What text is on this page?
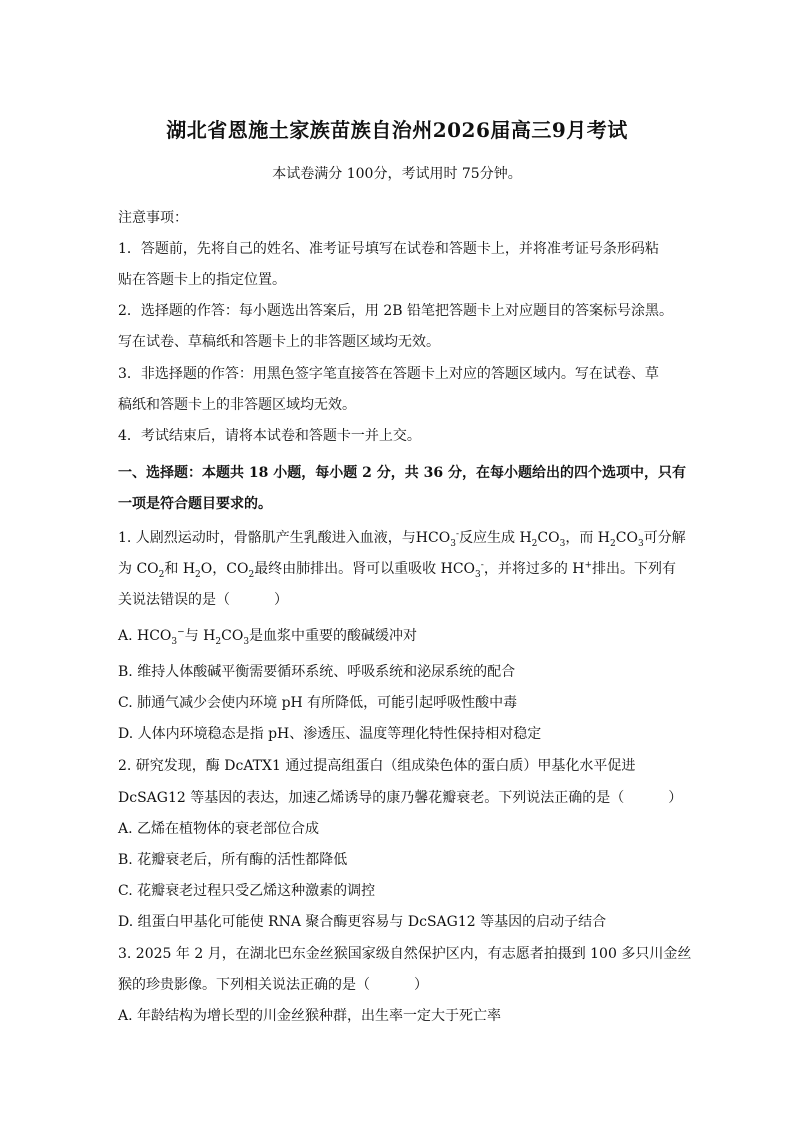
湖北省恩施土家族苗族自治州2026届高三9月考试
本试卷满分 100分，考试用时 75分钟。
注意事项：
1．答题前，先将自己的姓名、准考证号填写在试卷和答题卡上，并将准考证号条形码粘
贴在答题卡上的指定位置。
2．选择题的作答：每小题选出答案后，用 2B 铅笔把答题卡上对应题目的答案标号涂黑。
写在试卷、草稿纸和答题卡上的非答题区域均无效。
3．非选择题的作答：用黑色签字笔直接答在答题卡上对应的答题区域内。写在试卷、草
稿纸和答题卡上的非答题区域均无效。
4．考试结束后，请将本试卷和答题卡一并上交。
一、选择题：本题共 18 小题，每小题 2 分，共 36 分，在每小题给出的四个选项中，只有
一项是符合题目要求的。
1. 人剧烈运动时，骨骼肌产生乳酸进入血液，与$HCO_3^-$反应生成 $H_2CO_3$，而 $H_2CO_3$可分解
为 $CO_2$和 $H_2O$，$CO_2$最终由肺排出。肾可以重吸收 $HCO_3^-$，并将过多的 H+排出。下列有
关说法错误的是（	）
A. $HCO_3^-$与 $H_2CO_3$是血浆中重要的酸碱缓冲对
B. 维持人体酸碱平衡需要循环系统、呼吸系统和泌尿系统的配合
C. 肺通气减少会使内环境 pH 有所降低，可能引起呼吸性酸中毒
D. 人体内环境稳态是指 pH、渗透压、温度等理化特性保持相对稳定
2. 研究发现，酶 DcATX1 通过提高组蛋白（组成染色体的蛋白质）甲基化水平促进
DcSAG12 等基因的表达，加速乙烯诱导的康乃馨花瓣衰老。下列说法正确的是（	）
A. 乙烯在植物体的衰老部位合成
B. 花瓣衰老后，所有酶的活性都降低
C. 花瓣衰老过程只受乙烯这种激素的调控
D. 组蛋白甲基化可能使 RNA 聚合酶更容易与 DcSAG12 等基因的启动子结合
3. 2025 年 2 月，在湖北巴东金丝猴国家级自然保护区内，有志愿者拍摄到 100 多只川金丝
猴的珍贵影像。下列相关说法正确的是（	）
A. 年龄结构为增长型的川金丝猴种群，出生率一定大于死亡率
